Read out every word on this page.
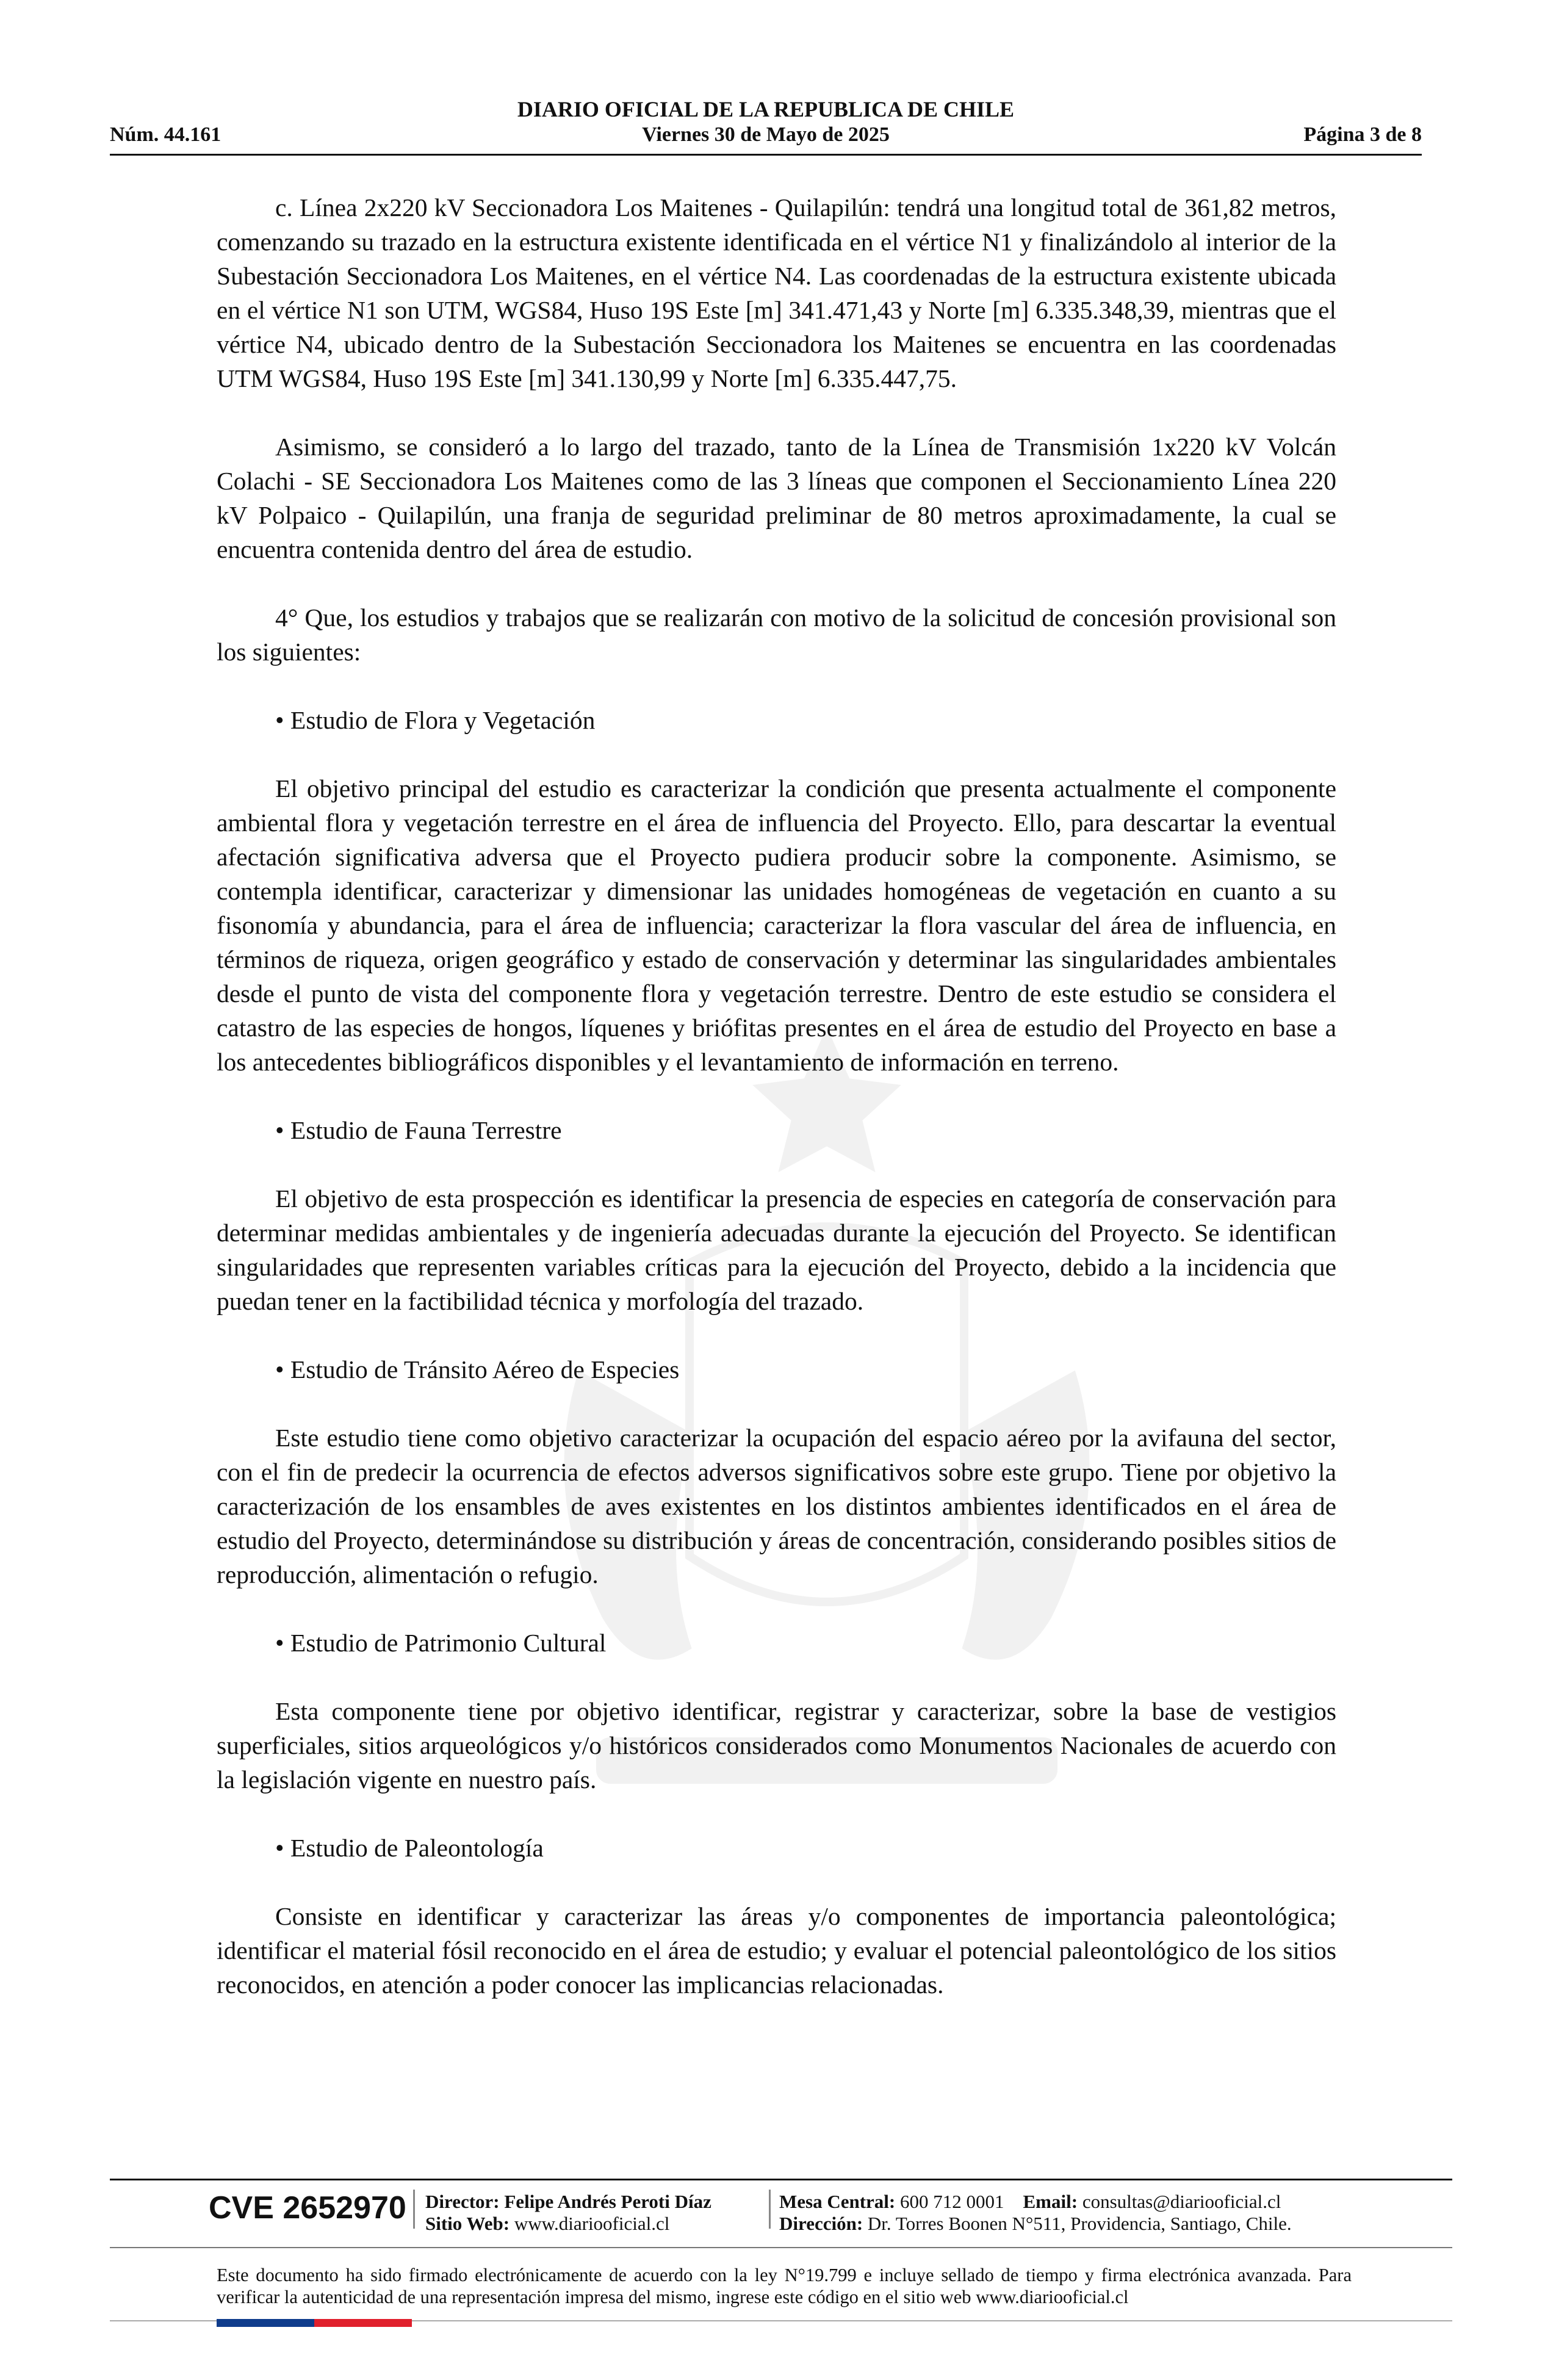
DIARIO OFICIAL DE LA REPUBLICA DE CHILE
Núm. 44.161	Viernes 30 de Mayo de 2025	Página 3 de 8

c. Línea 2x220 kV Seccionadora Los Maitenes - Quilapilún: tendrá una longitud total de 361,82 metros, comenzando su trazado en la estructura existente identificada en el vértice N1 y finalizándolo al interior de la Subestación Seccionadora Los Maitenes, en el vértice N4. Las coordenadas de la estructura existente ubicada en el vértice N1 son UTM, WGS84, Huso 19S Este [m] 341.471,43 y Norte [m] 6.335.348,39, mientras que el vértice N4, ubicado dentro de la Subestación Seccionadora los Maitenes se encuentra en las coordenadas UTM WGS84, Huso 19S Este [m] 341.130,99 y Norte [m] 6.335.447,75.

Asimismo, se consideró a lo largo del trazado, tanto de la Línea de Transmisión 1x220 kV Volcán Colachi - SE Seccionadora Los Maitenes como de las 3 líneas que componen el Seccionamiento Línea 220 kV Polpaico - Quilapilún, una franja de seguridad preliminar de 80 metros aproximadamente, la cual se encuentra contenida dentro del área de estudio.

4° Que, los estudios y trabajos que se realizarán con motivo de la solicitud de concesión provisional son los siguientes:

• Estudio de Flora y Vegetación

El objetivo principal del estudio es caracterizar la condición que presenta actualmente el componente ambiental flora y vegetación terrestre en el área de influencia del Proyecto. Ello, para descartar la eventual afectación significativa adversa que el Proyecto pudiera producir sobre la componente. Asimismo, se contempla identificar, caracterizar y dimensionar las unidades homogéneas de vegetación en cuanto a su fisonomía y abundancia, para el área de influencia; caracterizar la flora vascular del área de influencia, en términos de riqueza, origen geográfico y estado de conservación y determinar las singularidades ambientales desde el punto de vista del componente flora y vegetación terrestre. Dentro de este estudio se considera el catastro de las especies de hongos, líquenes y briófitas presentes en el área de estudio del Proyecto en base a los antecedentes bibliográficos disponibles y el levantamiento de información en terreno.

• Estudio de Fauna Terrestre

El objetivo de esta prospección es identificar la presencia de especies en categoría de conservación para determinar medidas ambientales y de ingeniería adecuadas durante la ejecución del Proyecto. Se identifican singularidades que representen variables críticas para la ejecución del Proyecto, debido a la incidencia que puedan tener en la factibilidad técnica y morfología del trazado.

• Estudio de Tránsito Aéreo de Especies

Este estudio tiene como objetivo caracterizar la ocupación del espacio aéreo por la avifauna del sector, con el fin de predecir la ocurrencia de efectos adversos significativos sobre este grupo. Tiene por objetivo la caracterización de los ensambles de aves existentes en los distintos ambientes identificados en el área de estudio del Proyecto, determinándose su distribución y áreas de concentración, considerando posibles sitios de reproducción, alimentación o refugio.

• Estudio de Patrimonio Cultural

Esta componente tiene por objetivo identificar, registrar y caracterizar, sobre la base de vestigios superficiales, sitios arqueológicos y/o históricos considerados como Monumentos Nacionales de acuerdo con la legislación vigente en nuestro país.

• Estudio de Paleontología

Consiste en identificar y caracterizar las áreas y/o componentes de importancia paleontológica; identificar el material fósil reconocido en el área de estudio; y evaluar el potencial paleontológico de los sitios reconocidos, en atención a poder conocer las implicancias relacionadas.

CVE 2652970 Director: Felipe Andrés Peroti Díaz
Sitio Web: www.diariooficial.cl
Mesa Central: 600 712 0001 Email: consultas@diariooficial.cl
Dirección: Dr. Torres Boonen N°511, Providencia, Santiago, Chile.
Este documento ha sido firmado electrónicamente de acuerdo con la ley N°19.799 e incluye sellado de tiempo y firma electrónica avanzada. Para verificar la autenticidad de una representación impresa del mismo, ingrese este código en el sitio web www.diariooficial.cl
